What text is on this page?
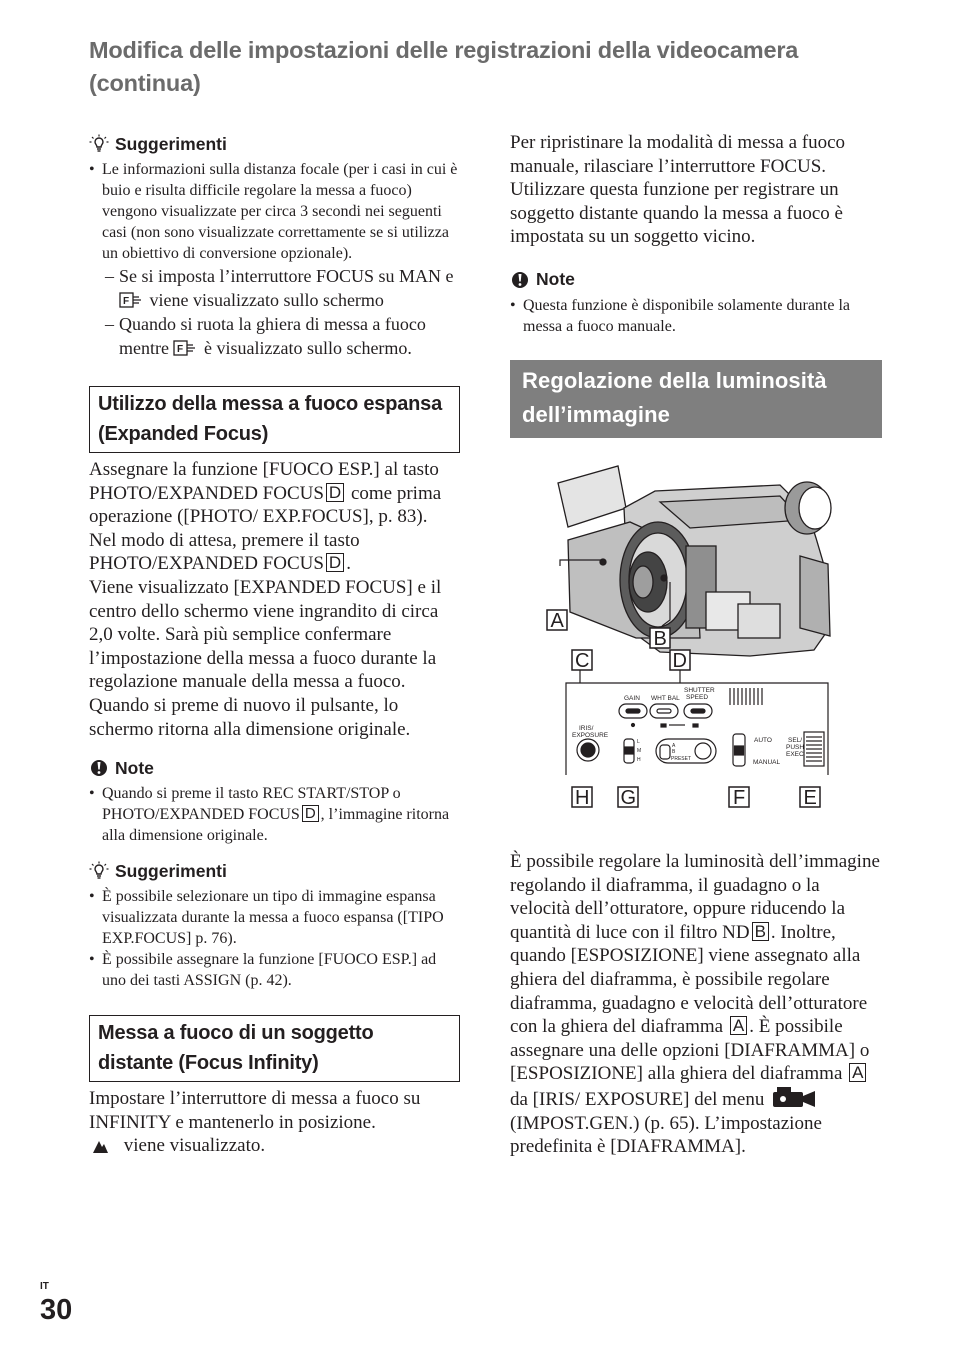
Modifica delle impostazioni delle registrazioni della videocamera (continua)
Suggerimenti
• Le informazioni sulla distanza focale (per i casi in cui è buio e risulta difficile regolare la messa a fuoco) vengono visualizzate per circa 3 secondi nei seguenti casi (non sono visualizzate correttamente se si utilizza un obiettivo di conversione opzionale).
– Se si imposta l’interruttore FOCUS su MAN e
F viene visualizzato sullo schermo
– Quando si ruota la ghiera di messa a fuoco mentre F è visualizzato sullo schermo.
Utilizzo della messa a fuoco espansa (Expanded Focus)

Assegnare la funzione [FUOCO ESP.] al tasto PHOTO/EXPANDED FOCUS D come prima operazione ([PHOTO/ EXP.FOCUS], p. 83).

Nel modo di attesa, premere il tasto PHOTO/EXPANDED FOCUS D .

Viene visualizzato [EXPANDED FOCUS] e il centro dello schermo viene ingrandito di circa 2,0 volte. Sarà più semplice confermare l’impostazione della messa a fuoco durante la regolazione manuale della messa a fuoco. Quando si preme di nuovo il pulsante, lo schermo ritorna alla dimensione originale.

Note
• Quando si preme il tasto REC START/STOP o PHOTO/EXPANDED FOCUS D , l’immagine ritorna alla dimensione originale.
Suggerimenti
• È possibile selezionare un tipo di immagine espansa visualizzata durante la messa a fuoco espansa ([TIPO EXP.FOCUS] p. 76).
• È possibile assegnare la funzione [FUOCO ESP.] ad uno dei tasti ASSIGN (p. 42).
Messa a fuoco di un soggetto distante (Focus Infinity)

Impostare l’interruttore di messa a fuoco su INFINITY e mantenerlo in posizione.

viene visualizzato.

Per ripristinare la modalità di messa a fuoco manuale, rilasciare l’interruttore FOCUS. Utilizzare questa funzione per registrare un soggetto distante quando la messa a fuoco è impostata su un soggetto vicino.

Note
• Questa funzione è disponibile solamente durante la messa a fuoco manuale.
Regolazione della luminosità dell’immagine
A
B
C	D
H G	F	E
GAIN WHT BAL
SHUTTER
SPEED
IRIS/
EXPOSURE
L
M
H
A
B
PRESET
AUTO
MANUAL
SEL/
PUSH
EXEC

È possibile regolare la luminosità dell’immagine regolando il diaframma, il guadagno o la velocità dell’otturatore, oppure riducendo la quantità di luce con il filtro ND B . Inoltre, quando [ESPOSIZIONE] viene assegnato alla ghiera del diaframma, è possibile regolare diaframma, guadagno e velocità dell’otturatore con la ghiera del diaframma A . È possibile assegnare una delle opzioni [DIAFRAMMA] o [ESPOSIZIONE] alla ghiera del diaframma A da [IRIS/ EXPOSURE] del menu  (IMPOST.GEN.) (p. 65). L’impostazione predefinita è [DIAFRAMMA].

IT
30
